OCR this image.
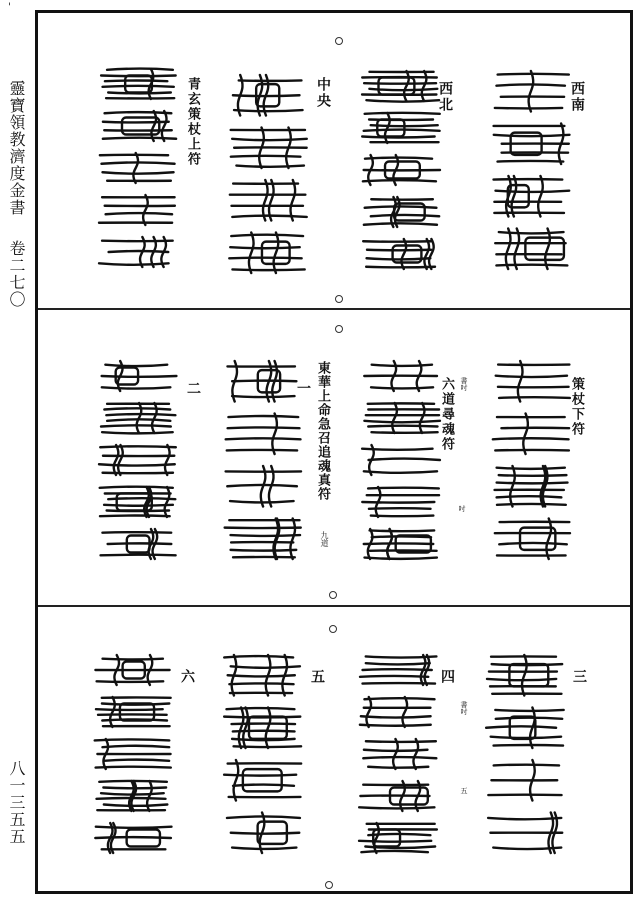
'
靈寶領教濟度金書
卷二七〇
八一三五五
西南
西北
中央
青玄策杖上符
策杖下符
六道尋魂符 書吋
吋
東華上命急召追魂真符
九道
一
二
三
四
五
六
書吋
五
